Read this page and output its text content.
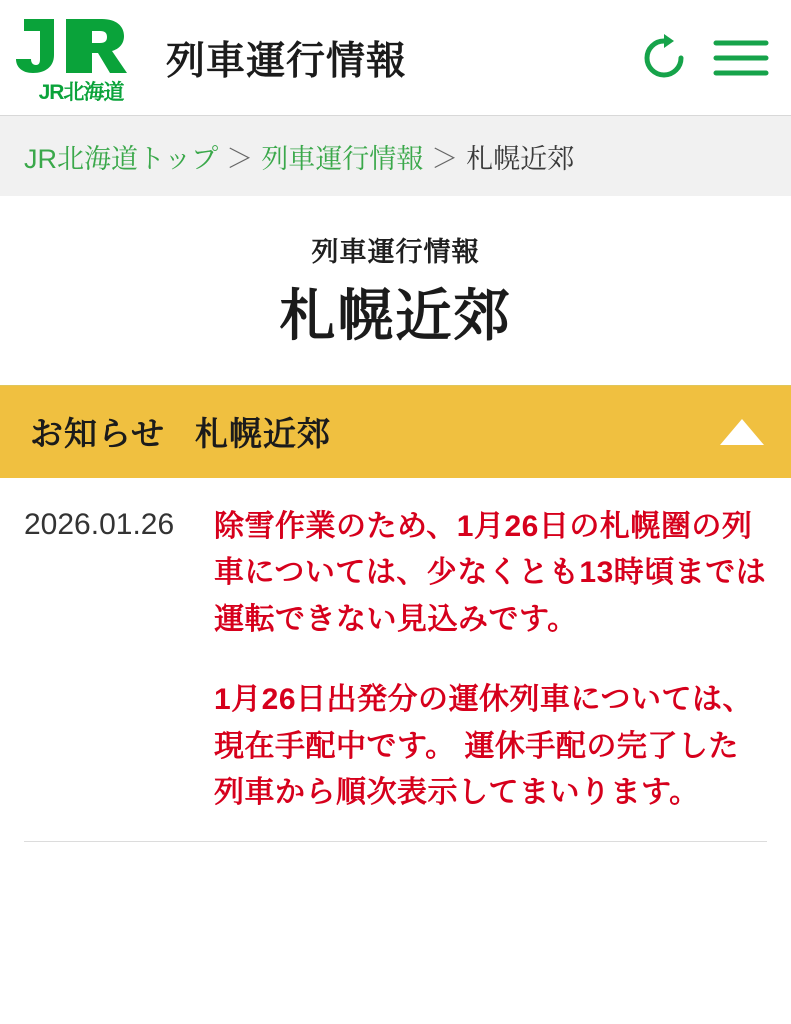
JR北海道
列車運行情報
JR北海道トップ ＞ 列車運行情報 ＞ 札幌近郊
列車運行情報
札幌近郊
お知らせ 札幌近郊
2026.01.26	除雪作業のため、1月26日の札幌圏の列車については、少なくとも13時頃までは運転できない見込みです。

1月26日出発分の運休列車については、現在手配中です。 運休手配の完了した列車から順次表示してまいります。
